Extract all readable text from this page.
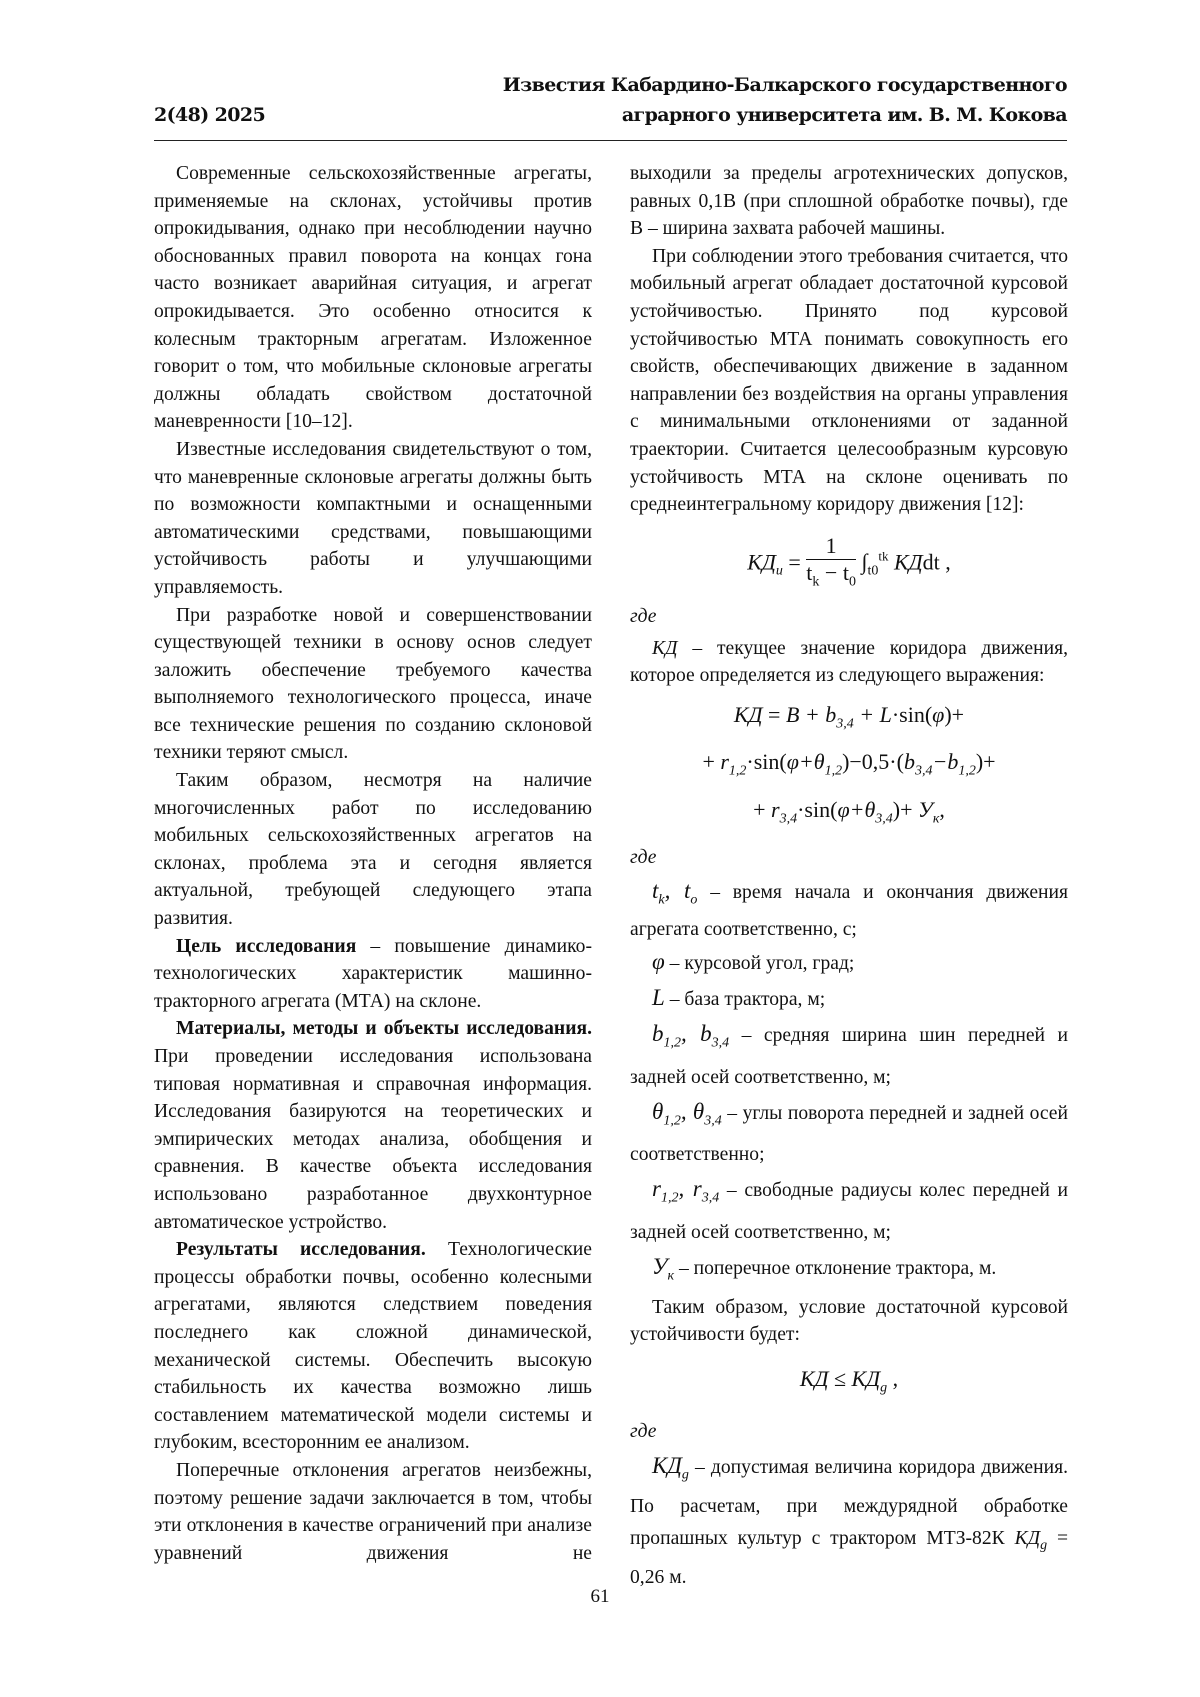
2(48) 2025
Известия Кабардино-Балкарского государственного
аграрного университета им. В. М. Кокова

Современные сельскохозяйственные агрегаты, применяемые на склонах, устойчивы против опрокидывания, однако при несоблюдении научно обоснованных правил поворота на концах гона часто возникает аварийная ситуация, и агрегат опрокидывается. Это особенно относится к колесным тракторным агрегатам. Изложенное говорит о том, что мобильные склоновые агрегаты должны обладать свойством достаточной маневренности [10–12].

Известные исследования свидетельствуют о том, что маневренные склоновые агрегаты должны быть по возможности компактными и оснащенными автоматическими средствами, повышающими устойчивость работы и улучшающими управляемость.

При разработке новой и совершенствовании существующей техники в основу основ следует заложить обеспечение требуемого качества выполняемого технологического процесса, иначе все технические решения по созданию склоновой техники теряют смысл.

Таким образом, несмотря на наличие многочисленных работ по исследованию мобильных сельскохозяйственных агрегатов на склонах, проблема эта и сегодня является актуальной, требующей следующего этапа развития.

Цель исследования – повышение динамико-технологических характеристик машинно-тракторного агрегата (МТА) на склоне.

Материалы, методы и объекты исследования. При проведении исследования использована типовая нормативная и справочная информация. Исследования базируются на теоретических и эмпирических методах анализа, обобщения и сравнения. В качестве объекта исследования использовано разработанное двухконтурное автоматическое устройство.

Результаты исследования. Технологические процессы обработки почвы, особенно колесными агрегатами, являются следствием поведения последнего как сложной динамической, механической системы. Обеспечить высокую стабильность их качества возможно лишь составлением математической модели системы и глубоким, всесторонним ее анализом.

Поперечные отклонения агрегатов неизбежны, поэтому решение задачи заключается в том, чтобы эти отклонения в качестве ограничений при анализе уравнений движения не

выходили за пределы агротехнических допусков, равных 0,1B (при сплошной обработке почвы), где B – ширина захвата рабочей машины.

При соблюдении этого требования считается, что мобильный агрегат обладает достаточной курсовой устойчивостью. Принято под курсовой устойчивостью МТА понимать совокупность его свойств, обеспечивающих движение в заданном направлении без воздействия на органы управления с минимальными отклонениями от заданной траектории. Считается целесообразным курсовую устойчивость МТА на склоне оценивать по среднеинтегральному коридору движения [12]:

КДи =
1
tk − t0
∫t0tk КДdt ,

где

КД – текущее значение коридора движения, которое определяется из следующего выражения:

КД = B + b3,4 + L·sin(φ)+
+ r1,2·sin(φ+θ1,2)−0,5·(b3,4−b1,2)+
+ r3,4·sin(φ+θ3,4)+ Ук,

где

tk, to – время начала и окончания движения агрегата соответственно, с;

φ – курсовой угол, град;

L – база трактора, м;

b1,2, b3,4 – средняя ширина шин передней и задней осей соответственно, м;

θ1,2, θ3,4 – углы поворота передней и задней осей соответственно;

r1,2, r3,4 – свободные радиусы колес передней и задней осей соответственно, м;

Ук – поперечное отклонение трактора, м.

Таким образом, условие достаточной курсовой устойчивости будет:

КД ≤ КДg ,

где

КДg – допустимая величина коридора движения. По расчетам, при междурядной обработке пропашных культур с трактором МТЗ-82К КДg = 0,26 м.

61
